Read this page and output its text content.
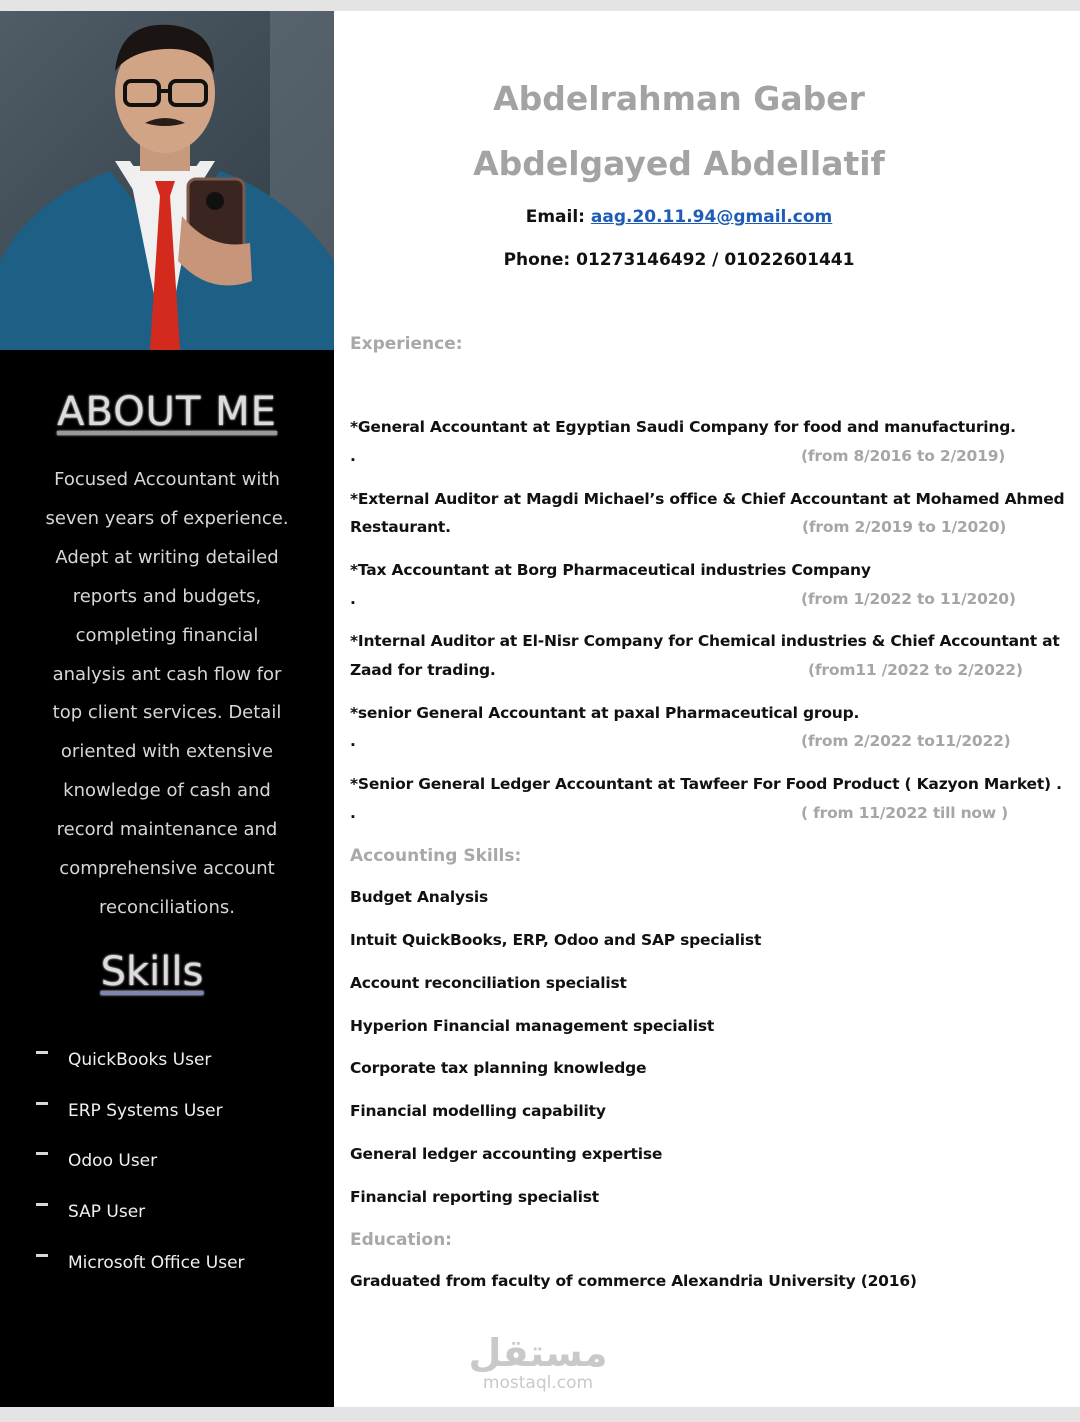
ABOUT ME
Focused Accountant with
seven years of experience.
Adept at writing detailed
reports and budgets,
completing financial
analysis ant cash flow for
top client services. Detail
oriented with extensive
knowledge of cash and
record maintenance and
comprehensive account
reconciliations.
Skills
QuickBooks User
ERP Systems User
Odoo User
SAP User
Microsoft Office User
Abdelrahman Gaber
Abdelgayed Abdellatif
Email: aag.20.11.94@gmail.com
Phone: 01273146492 / 01022601441
Experience:
*General Accountant at Egyptian Saudi Company for food and manufacturing.
.	(from 8/2016 to 2/2019)
*External Auditor at Magdi Michael’s office & Chief Accountant at Mohamed Ahmed
Restaurant.	(from 2/2019 to 1/2020)
*Tax Accountant at Borg Pharmaceutical industries Company
.	(from 1/2022 to 11/2020)
*Internal Auditor at El-Nisr Company for Chemical industries & Chief Accountant at
Zaad for trading.	(from11 /2022 to 2/2022)
*senior General Accountant at paxal Pharmaceutical group.
.	(from 2/2022 to11/2022)
*Senior General Ledger Accountant at Tawfeer For Food Product ( Kazyon Market) .
.	( from 11/2022 till now )
Accounting Skills:
Budget Analysis
Intuit QuickBooks, ERP, Odoo and SAP specialist
Account reconciliation specialist
Hyperion Financial management specialist
Corporate tax planning knowledge
Financial modelling capability
General ledger accounting expertise
Financial reporting specialist
Education:
Graduated from faculty of commerce Alexandria University (2016)
مستقل
mostaql.com
